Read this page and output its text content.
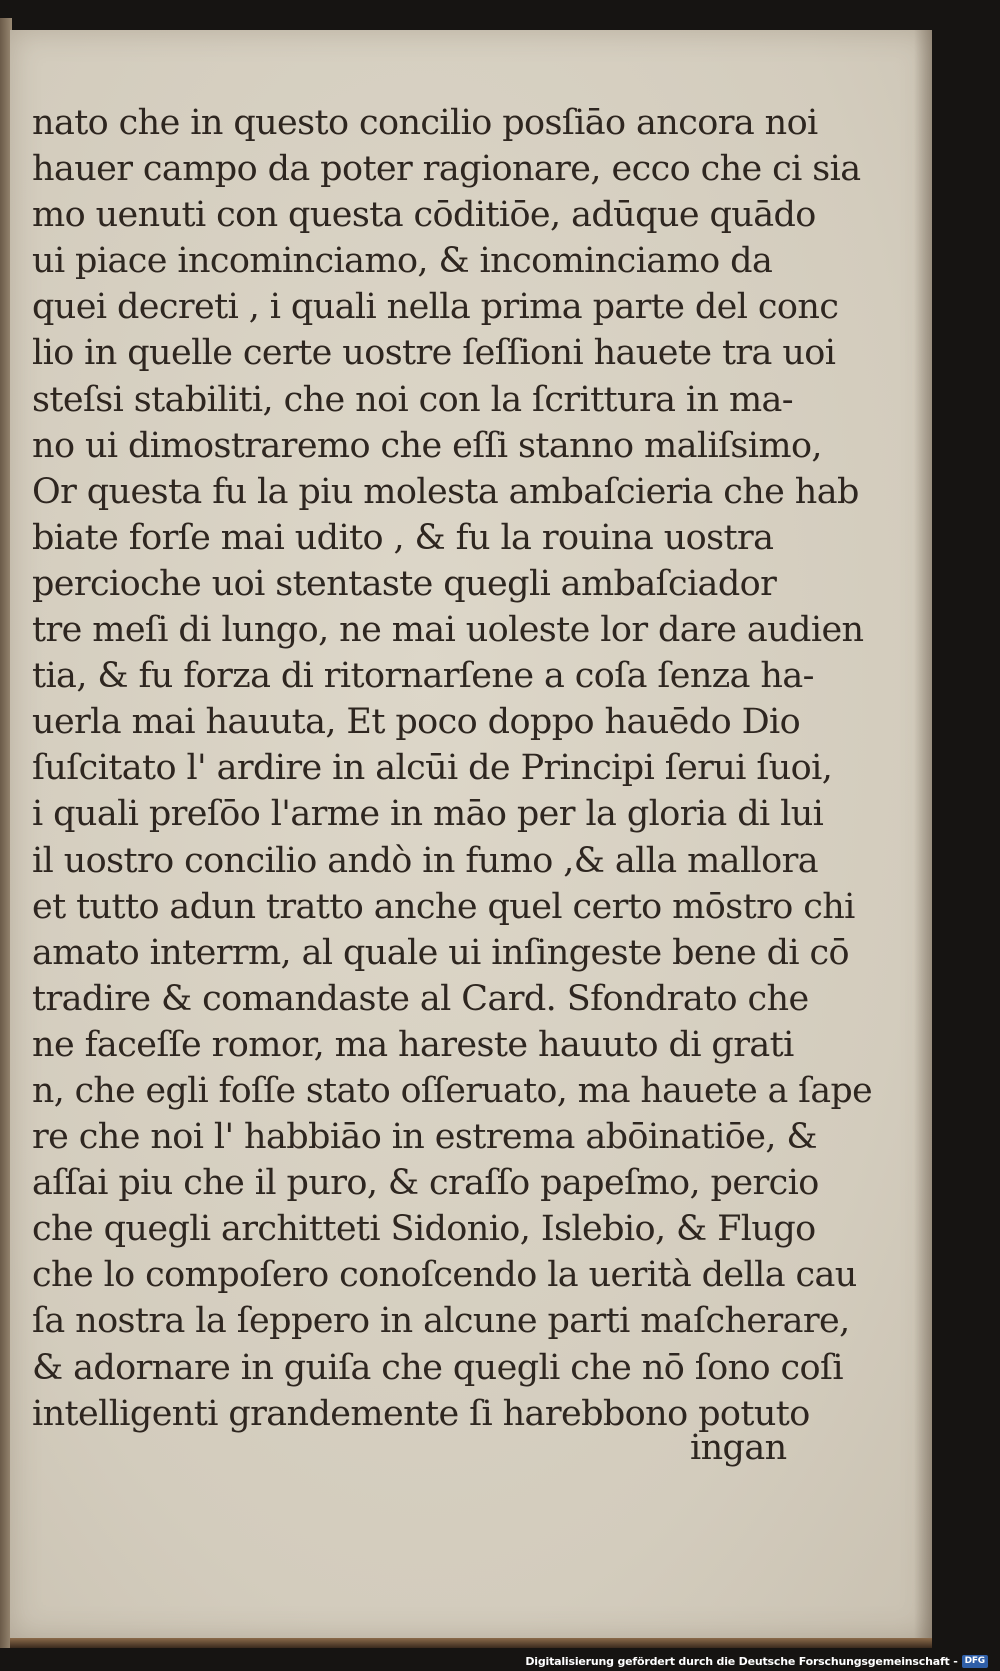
nato che in questo concilio posſiāo ancora noi
hauer campo da poter ragionare, ecco che ci sia
mo uenuti con questa cōditiōe, adūque quādo
ui piace incominciamo, & incominciamo da
quei decreti , i quali nella prima parte del conc
lio in quelle certe uostre ſeſſioni hauete tra uoi
steſsi stabiliti, che noi con la ſcrittura in ma-
no ui dimostraremo che eſſi stanno maliſsimo,
Or questa fu la piu molesta ambaſcieria che hab
biate forſe mai udito , & fu la rouina uostra
percioche uoi stentaste quegli ambaſciador
tre meſi di lungo, ne mai uoleste lor dare audien
tia, & fu forza di ritornarſene a coſa ſenza ha-
uerla mai hauuta, Et poco doppo hauēdo Dio
ſuſcitato l' ardire in alcūi de Principi ſerui ſuoi,
i quali preſōo l'arme in māo per la gloria di lui
il uostro concilio andò in fumo ,& alla mallora
et tutto adun tratto anche quel certo mōstro chi
amato interrm, al quale ui inſingeste bene di cō
tradire & comandaste al Card. Sfondrato che
ne faceſſe romor, ma hareste hauuto di grati
n, che egli foſſe stato oſſeruato, ma hauete a ſape
re che noi l' habbiāo in estrema abōinatiōe, &
aſſai piu che il puro, & craſſo papeſmo, percio
che quegli architteti Sidonio, Islebio, & Flugo
che lo compoſero conoſcendo la uerità della cau
ſa nostra la ſeppero in alcune parti maſcherare,
& adornare in guiſa che quegli che nō ſono coſi
intelligenti grandemente ſi harebbono potuto
ingan
Digitalisierung gefördert durch die Deutsche Forschungsgemeinschaft - DFG
